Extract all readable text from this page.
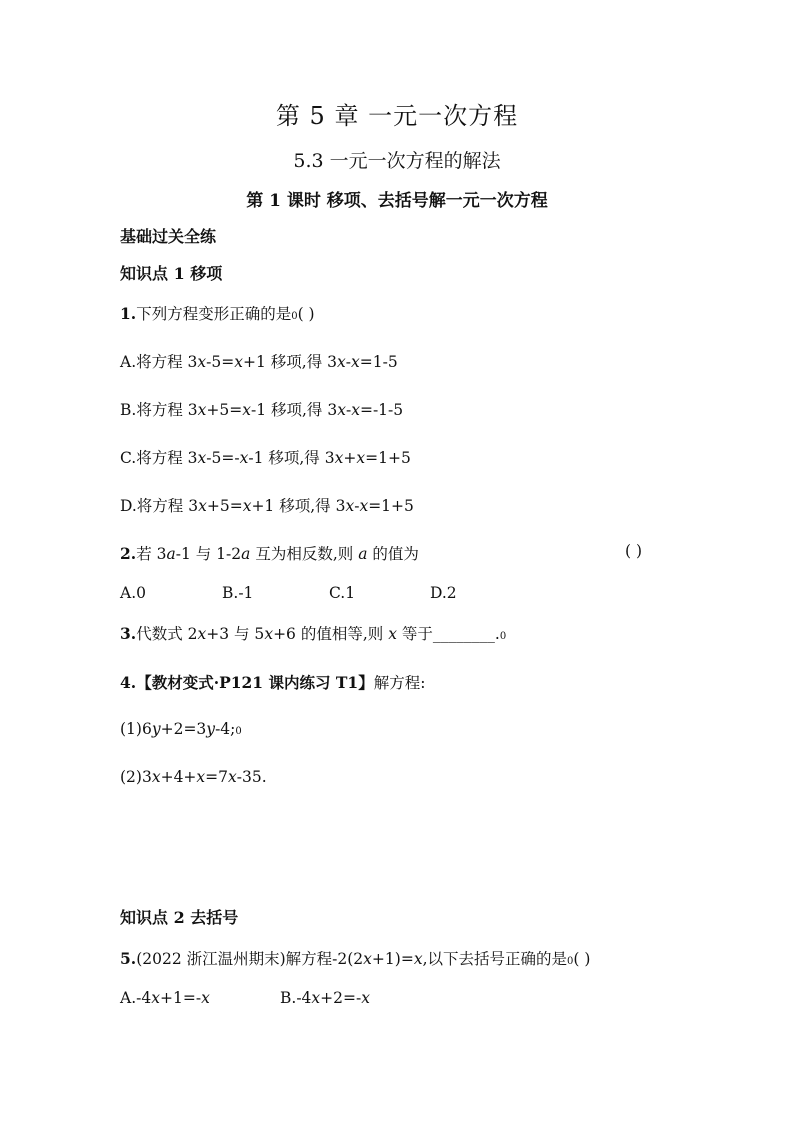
第 5 章 一元一次方程
5.3 一元一次方程的解法
第 1 课时 移项、去括号解一元一次方程
基础过关全练
知识点 1 移项
1.下列方程变形正确的是0( )
A.将方程 3x-5=x+1 移项,得 3x-x=1-5
B.将方程 3x+5=x-1 移项,得 3x-x=-1-5
C.将方程 3x-5=-x-1 移项,得 3x+x=1+5
D.将方程 3x+5=x+1 移项,得 3x-x=1+5
2.若 3a-1 与 1-2a 互为相反数,则 a 的值为	( )
A.0	B.-1	C.1	D.2
3.代数式 2x+3 与 5x+6 的值相等,则 x 等于________.0
4.【教材变式·P121 课内练习 T1】解方程:
(1)6y+2=3y-4;0
(2)3x+4+x=7x-35.
知识点 2 去括号
5.(2022 浙江温州期末)解方程-2(2x+1)=x,以下去括号正确的是0( )
A.-4x+1=-x	B.-4x+2=-x
